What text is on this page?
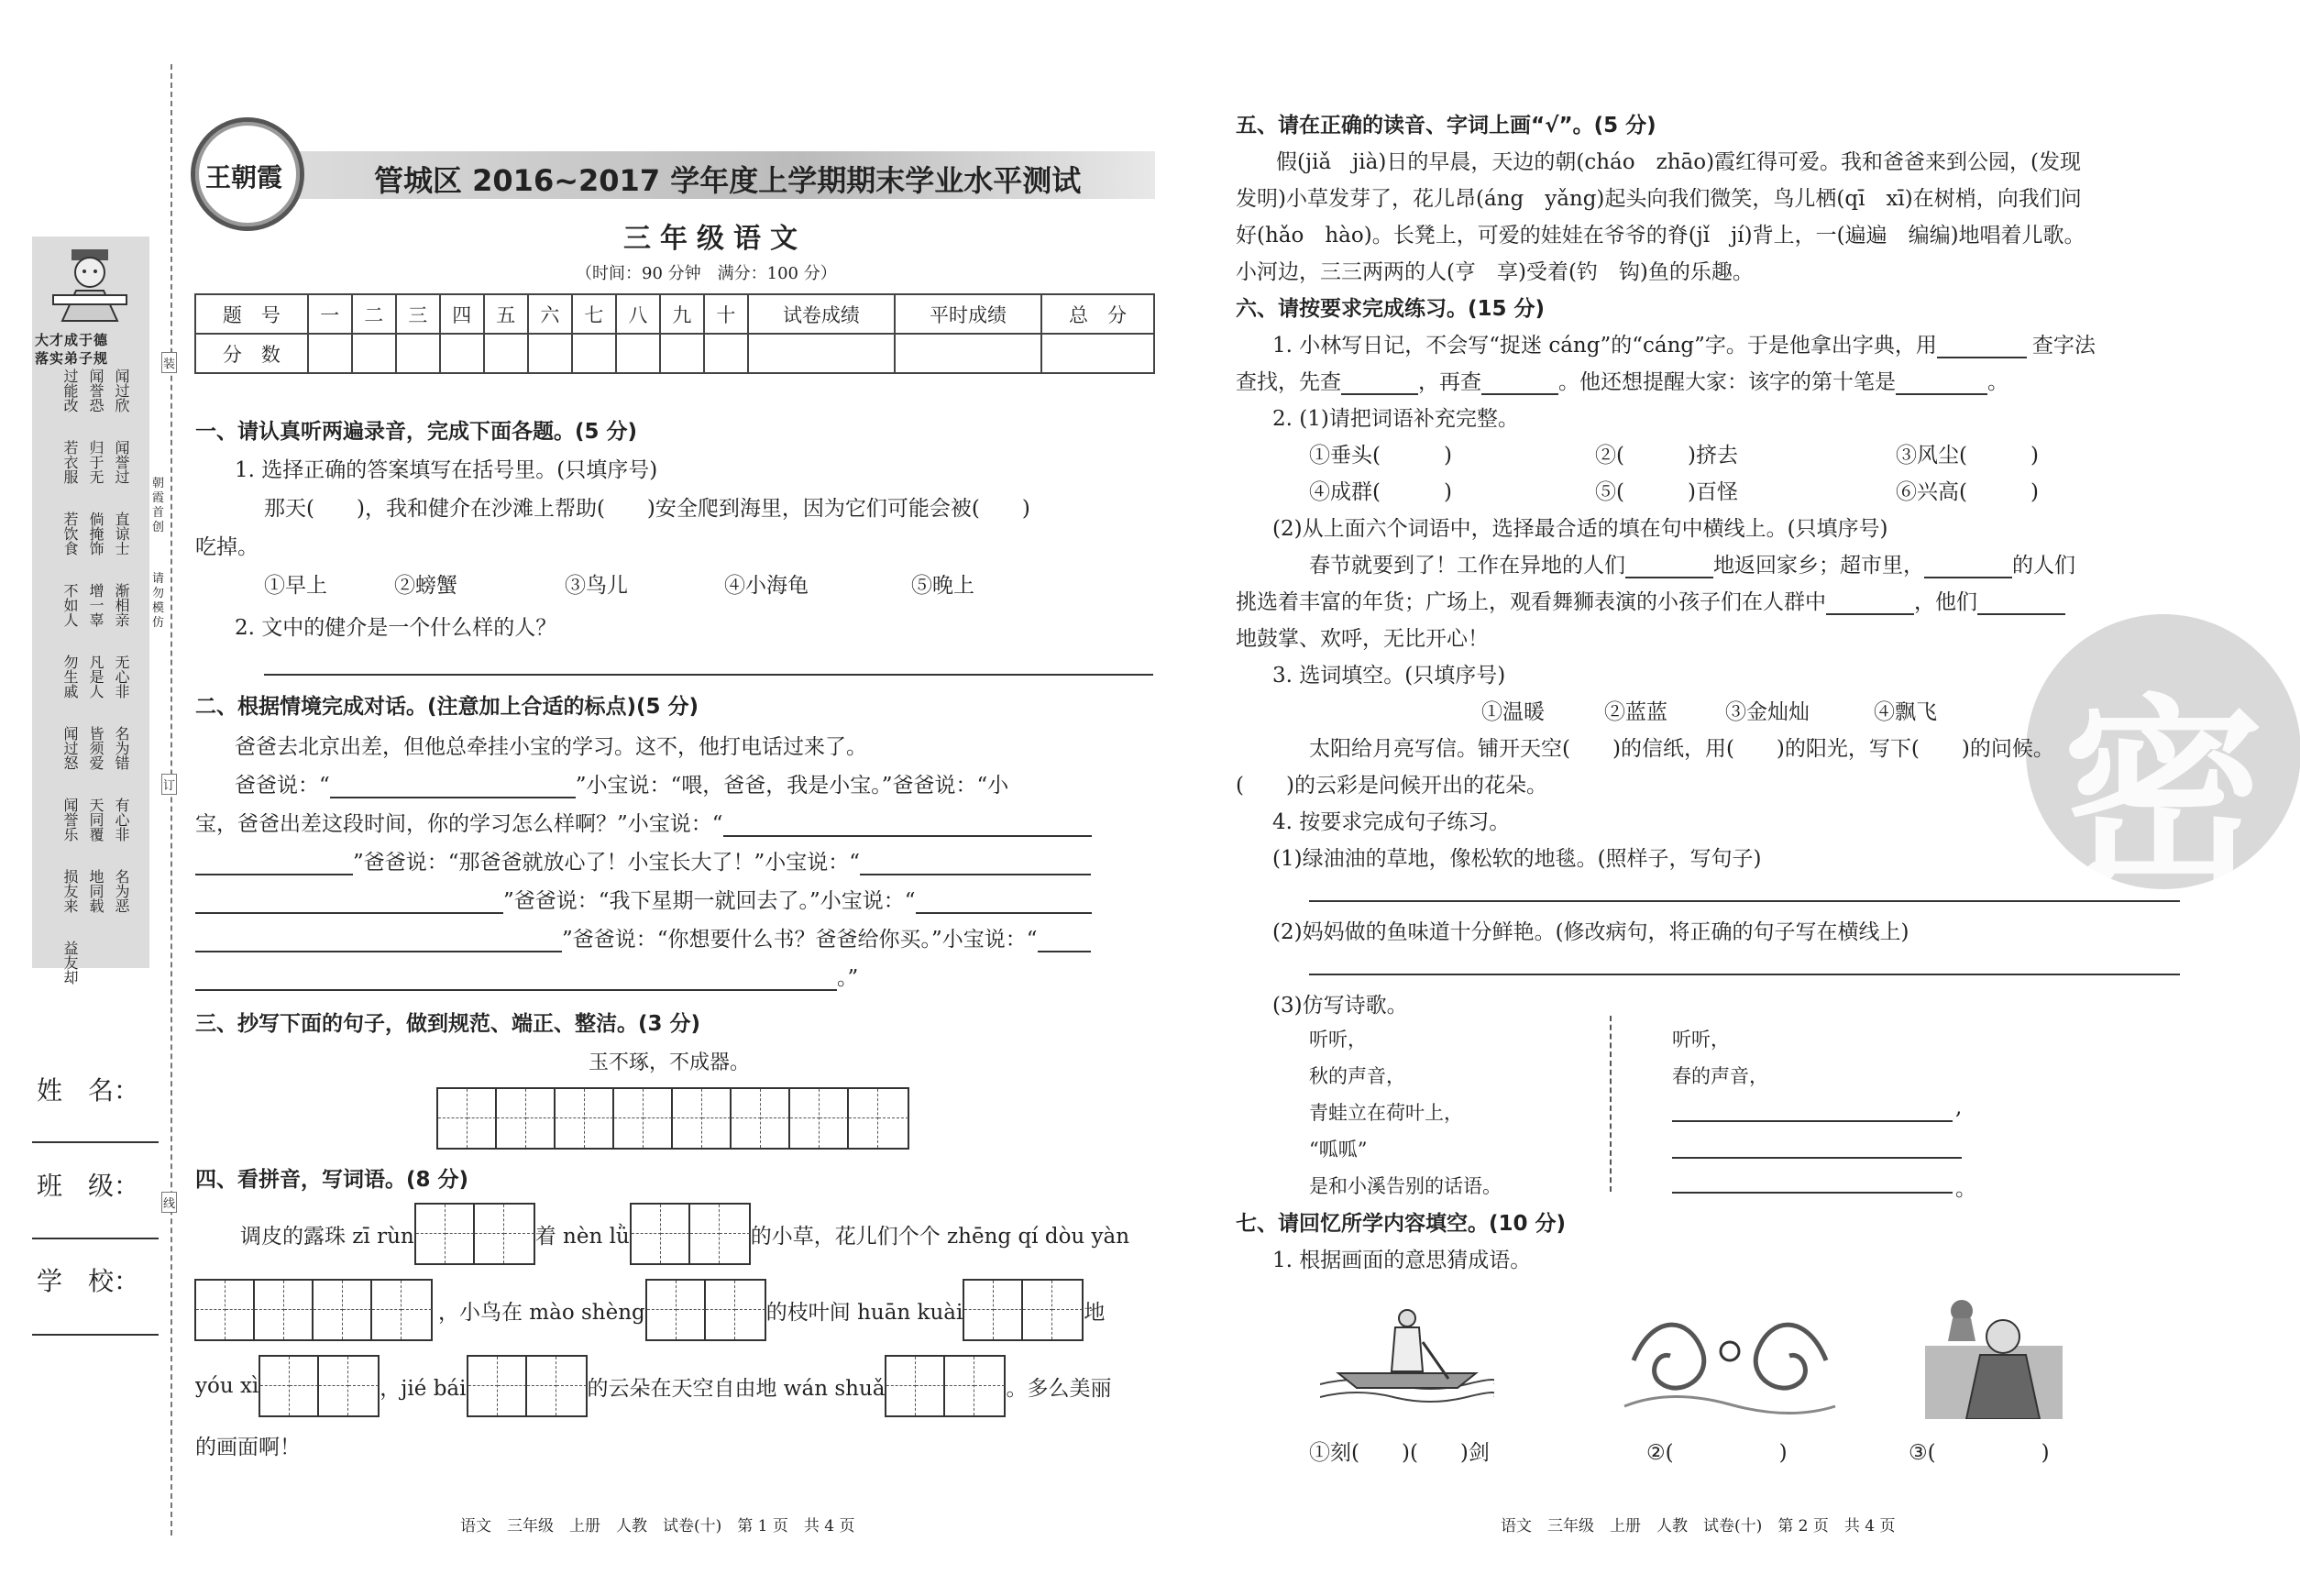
大才成于德
落实弟子规
过能改 闻誉恐 闻过欣
若衣服 归于无 闻誉过
若饮食 倘掩饰 直谅士
不如人 增一辜 渐相亲
勿生戚 凡是人 无心非
闻过怒 皆须爱 名为错
闻誉乐 天同覆 有心非
损友来 地同载 名为恶
益友却
朝霞首创
请勿模仿
装
订
线
姓　名：
班　级：
学　校：
王朝霞	管城区 2016~2017 学年度上学期期末学业水平测试
三年级语文
（时间：90 分钟　满分：100 分）
题　号	一	二	三	四	五	六	七	八	九	十	试卷成绩	平时成绩	总　分
分　数													
一、请认真听两遍录音，完成下面各题。(5 分)
1. 选择正确的答案填写在括号里。(只填序号)
那天(　　)，我和健介在沙滩上帮助(　　)安全爬到海里，因为它们可能会被(　　)
吃掉。
①早上	②螃蟹	③鸟儿	④小海龟	⑤晚上
2. 文中的健介是一个什么样的人？
二、根据情境完成对话。(注意加上合适的标点)(5 分)
爸爸去北京出差，但他总牵挂小宝的学习。这不，他打电话过来了。
爸爸说：“	”小宝说：“喂，爸爸，我是小宝。”爸爸说：“小
宝，爸爸出差这段时间，你的学习怎么样啊？”小宝说：“
”爸爸说：“那爸爸就放心了！小宝长大了！”小宝说：“
”爸爸说：“我下星期一就回去了。”小宝说：“
”爸爸说：“你想要什么书？爸爸给你买。”小宝说：“
。”
三、抄写下面的句子，做到规范、端正、整洁。(3 分)
玉不琢，不成器。
四、看拼音，写词语。(8 分)
调皮的露珠 zī rùn	着 nèn lǜ	的小草，花儿们个个 zhēng qí dòu yàn
，小鸟在 mào shèng	的枝叶间 huān kuài	地
yóu xì	，jié bái	的云朵在天空自由地 wán shuǎ	。多么美丽
的画面啊！
语文　三年级　上册　人教　试卷(十)　第 1 页　共 4 页
密
五、请在正确的读音、字词上画“√”。(5 分)
假(jiǎ　jià)日的早晨，天边的朝(cháo　zhāo)霞红得可爱。我和爸爸来到公园，(发现
发明)小草发芽了，花儿昂(áng　yǎng)起头向我们微笑，鸟儿栖(qī　xī)在树梢，向我们问
好(hǎo　hào)。长凳上，可爱的娃娃在爷爷的脊(jǐ　jí)背上，一(遍遍　编编)地唱着儿歌。
小河边，三三两两的人(亨　享)受着(钓　钩)鱼的乐趣。
六、请按要求完成练习。(15 分)
1. 小林写日记，不会写“捉迷 cáng”的“cáng”字。于是他拿出字典，用	查字法
查找，先查	，再查	。他还想提醒大家：该字的第十笔是	。
2. (1)请把词语补充完整。
①垂头(　　　)	②(　　　)挤去	③风尘(　　　)
④成群(　　　)	⑤(　　　)百怪	⑥兴高(　　　)
(2)从上面六个词语中，选择最合适的填在句中横线上。(只填序号)
春节就要到了！工作在异地的人们	地返回家乡；超市里，	的人们
挑选着丰富的年货；广场上，观看舞狮表演的小孩子们在人群中	，他们
地鼓掌、欢呼，无比开心！
3. 选词填空。(只填序号)
①温暖	②蓝蓝	③金灿灿	④飘飞
太阳给月亮写信。铺开天空(　　)的信纸，用(　　)的阳光，写下(　　)的问候。
(　　)的云彩是问候开出的花朵。
4. 按要求完成句子练习。
(1)绿油油的草地，像松软的地毯。(照样子，写句子)
(2)妈妈做的鱼味道十分鲜艳。(修改病句，将正确的句子写在横线上)
(3)仿写诗歌。
听听，
秋的声音，
青蛙立在荷叶上，
“呱呱”
是和小溪告别的话语。
听听，
春的声音，
,
。
七、请回忆所学内容填空。(10 分)
1. 根据画面的意思猜成语。
①刻(　　)(　　)剑	②(　　　　　)	③(　　　　　)
语文　三年级　上册　人教　试卷(十)　第 2 页　共 4 页
